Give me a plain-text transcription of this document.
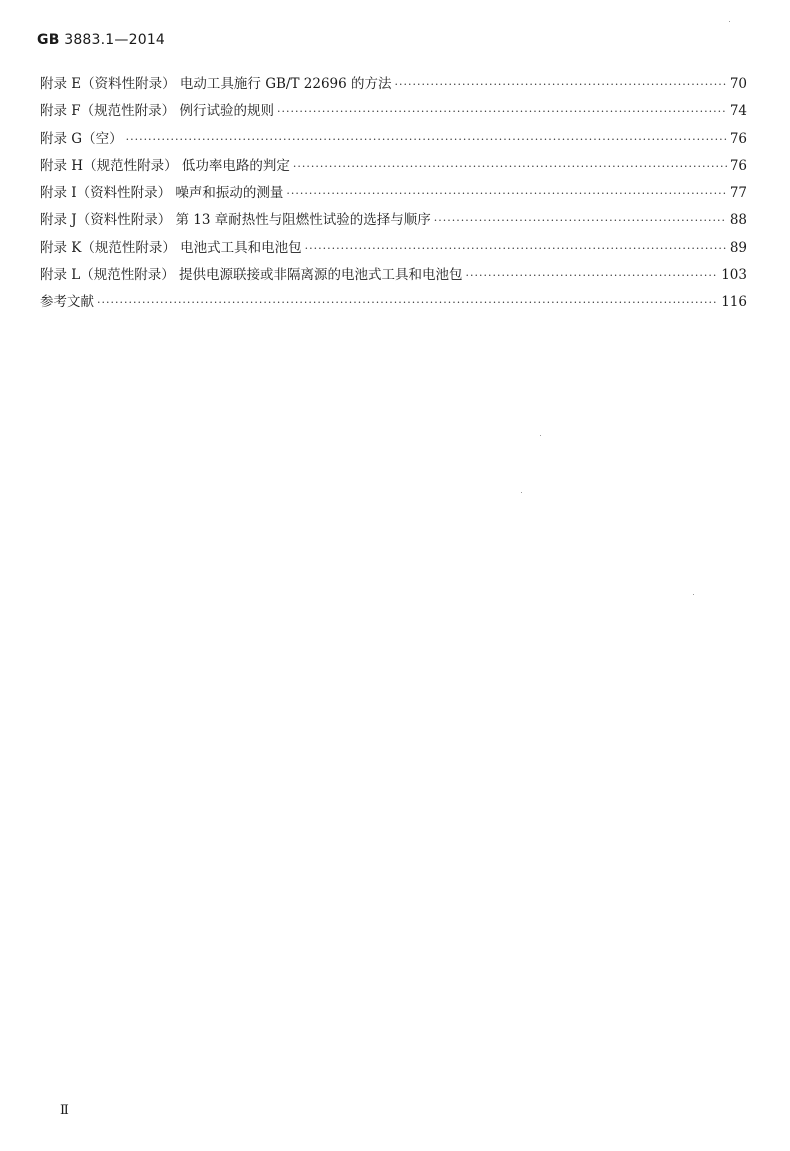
GB 3883.1—2014
附录 E（资料性附录） 电动工具施行 GB/T 22696 的方法 ·····	70
附录 F（规范性附录） 例行试验的规则 ·····	74
附录 G（空） ·····	76
附录 H（规范性附录） 低功率电路的判定 ·····	76
附录 I（资料性附录） 噪声和振动的测量 ·····	77
附录 J（资料性附录） 第 13 章耐热性与阻燃性试验的选择与顺序 ·····	88
附录 K（规范性附录） 电池式工具和电池包 ·····	89
附录 L（规范性附录） 提供电源联接或非隔离源的电池式工具和电池包 ·····	103
参考文献 ·····	116
Ⅱ
